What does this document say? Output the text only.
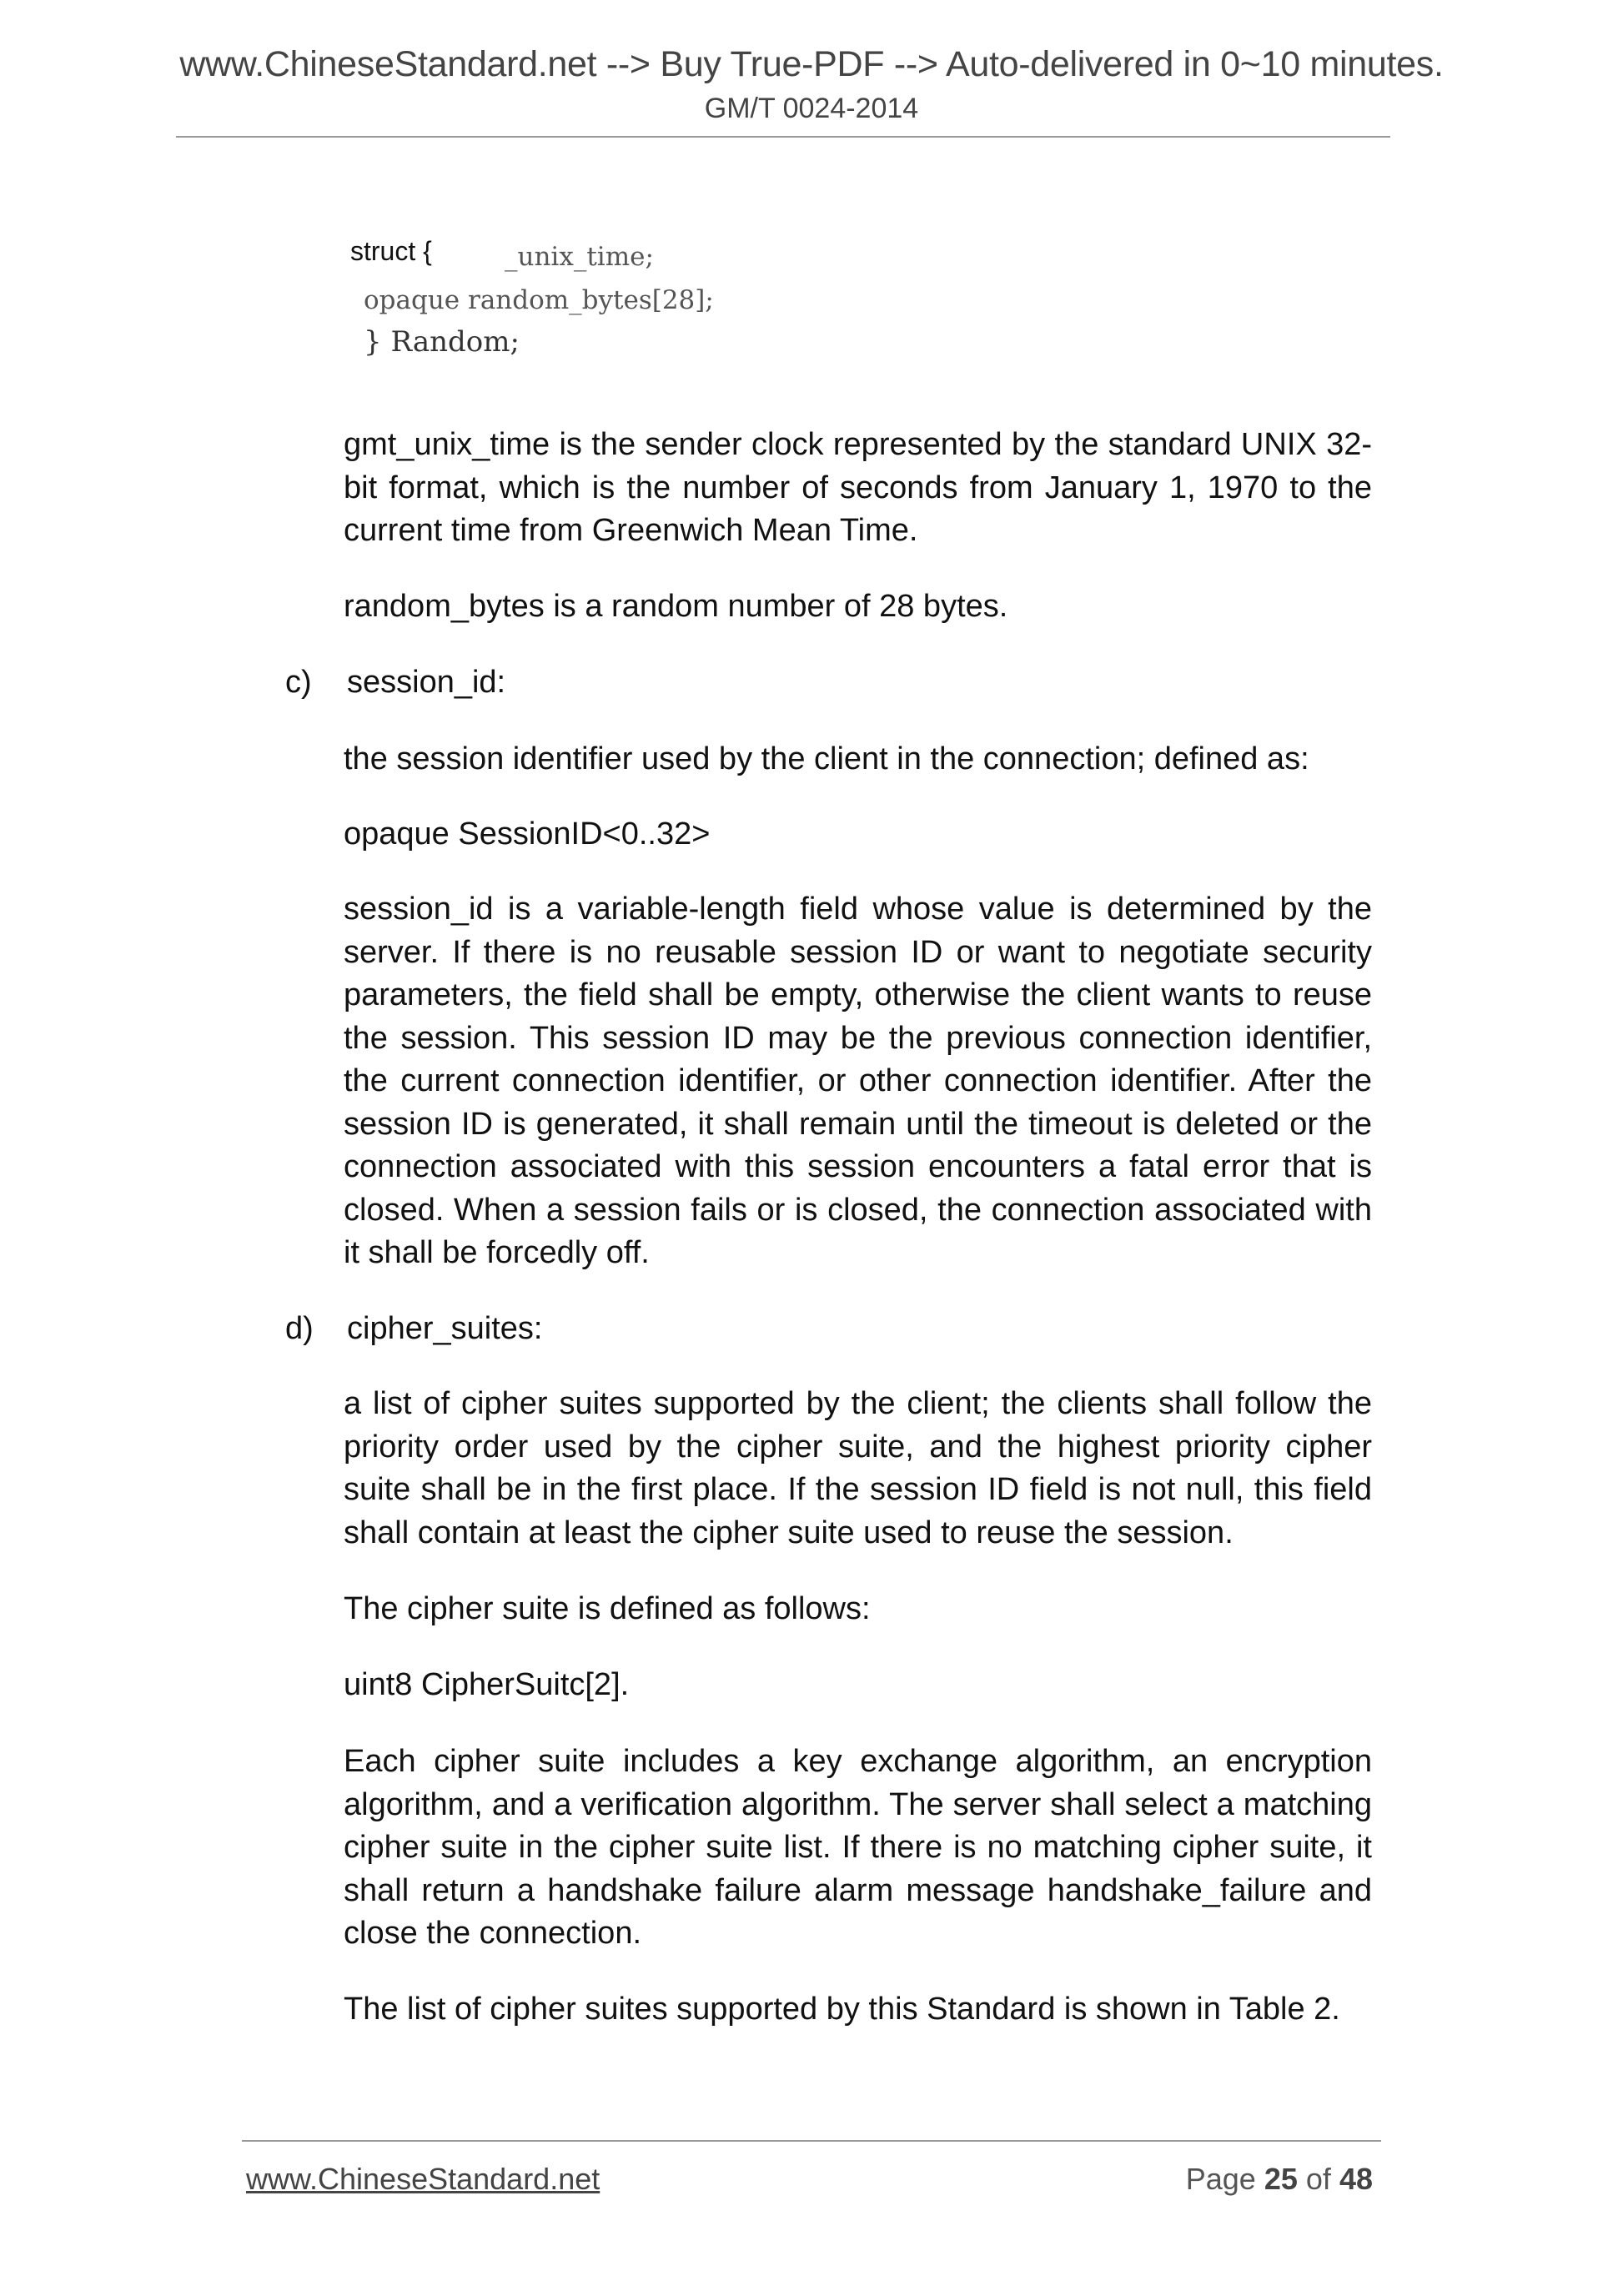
www.ChineseStandard.net --> Buy True-PDF --> Auto-delivered in 0~10 minutes.
GM/T 0024-2014
struct {	_unix_time;
opaque random_bytes[28];
} Random;
gmt_unix_time is the sender clock represented by the standard UNIX 32-bit format, which is the number of seconds from January 1, 1970 to the current time from Greenwich Mean Time.
random_bytes is a random number of 28 bytes.
c) session_id:
the session identifier used by the client in the connection; defined as:
opaque SessionID<0..32>
session_id is a variable-length field whose value is determined by the server. If there is no reusable session ID or want to negotiate security parameters, the field shall be empty, otherwise the client wants to reuse the session. This session ID may be the previous connection identifier, the current connection identifier, or other connection identifier. After the session ID is generated, it shall remain until the timeout is deleted or the connection associated with this session encounters a fatal error that is closed. When a session fails or is closed, the connection associated with it shall be forcedly off.
d) cipher_suites:
a list of cipher suites supported by the client; the clients shall follow the priority order used by the cipher suite, and the highest priority cipher suite shall be in the first place. If the session ID field is not null, this field shall contain at least the cipher suite used to reuse the session.
The cipher suite is defined as follows:
uint8 CipherSuitc[2].
Each cipher suite includes a key exchange algorithm, an encryption algorithm, and a verification algorithm. The server shall select a matching cipher suite in the cipher suite list. If there is no matching cipher suite, it shall return a handshake failure alarm message handshake_failure and close the connection.
The list of cipher suites supported by this Standard is shown in Table 2.
www.ChineseStandard.net	Page 25 of 48
